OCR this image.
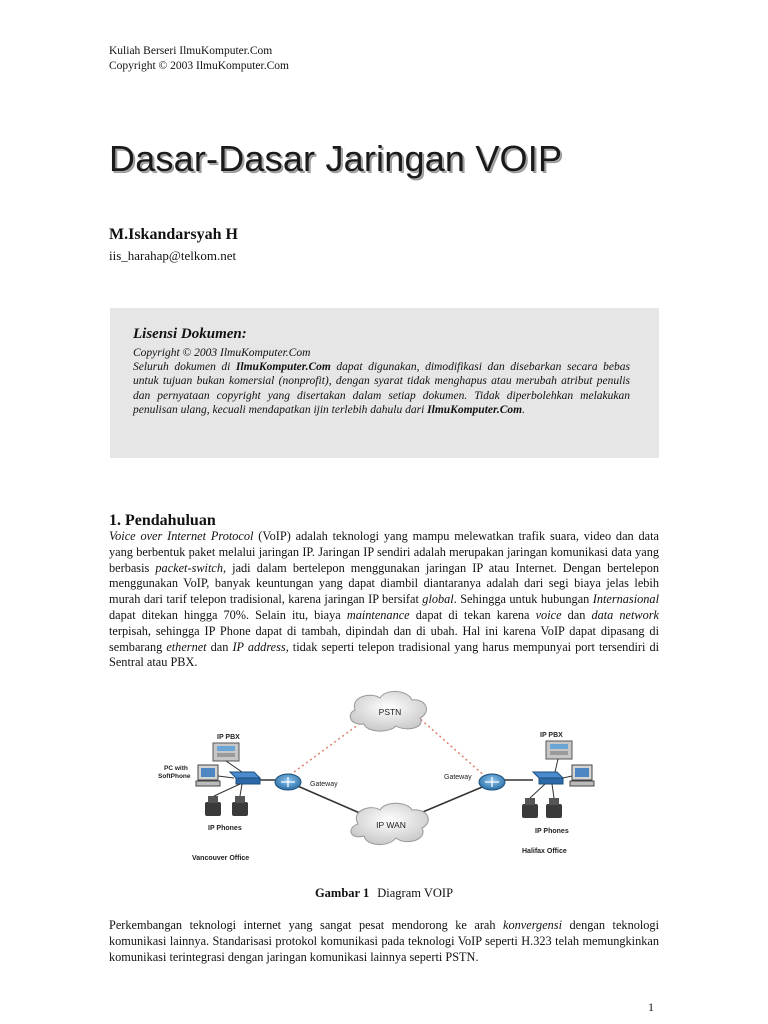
Kuliah Berseri IlmuKomputer.Com
Copyright © 2003 IlmuKomputer.Com
Dasar-Dasar Jaringan VOIP
M.Iskandarsyah H
iis_harahap@telkom.net
Lisensi Dokumen:
Copyright © 2003 IlmuKomputer.Com
Seluruh dokumen di IlmuKomputer.Com dapat digunakan, dimodifikasi dan disebarkan secara bebas untuk tujuan bukan komersial (nonprofit), dengan syarat tidak menghapus atau merubah atribut penulis dan pernyataan copyright yang disertakan dalam setiap dokumen. Tidak diperbolehkan melakukan penulisan ulang, kecuali mendapatkan ijin terlebih dahulu dari IlmuKomputer.Com.
1. Pendahuluan
Voice over Internet Protocol (VoIP) adalah teknologi yang mampu melewatkan trafik suara, video dan data yang berbentuk paket melalui jaringan IP. Jaringan IP sendiri adalah merupakan jaringan komunikasi data yang berbasis packet-switch, jadi dalam bertelepon menggunakan jaringan IP atau Internet. Dengan bertelepon menggunakan VoIP, banyak keuntungan yang dapat diambil diantaranya adalah dari segi biaya jelas lebih murah dari tarif telepon tradisional, karena jaringan IP bersifat global. Sehingga untuk hubungan Internasional dapat ditekan hingga 70%. Selain itu, biaya maintenance dapat di tekan karena voice dan data network terpisah, sehingga IP Phone dapat di tambah, dipindah dan di ubah. Hal ini karena VoIP dapat dipasang di sembarang ethernet dan IP address, tidak seperti telepon tradisional yang harus mempunyai port tersendiri di Sentral atau PBX.
PSTN
IP WAN
Gateway
Gateway
IP PBX
PC with
SoftPhone
IP Phones
Vancouver Office
IP PBX
IP Phones
Halifax Office
Gambar 1 Diagram VOIP
Perkembangan teknologi internet yang sangat pesat mendorong ke arah konvergensi dengan teknologi komunikasi lainnya. Standarisasi protokol komunikasi pada teknologi VoIP seperti H.323 telah memungkinkan komunikasi terintegrasi dengan jaringan komunikasi lainnya seperti PSTN.
1
